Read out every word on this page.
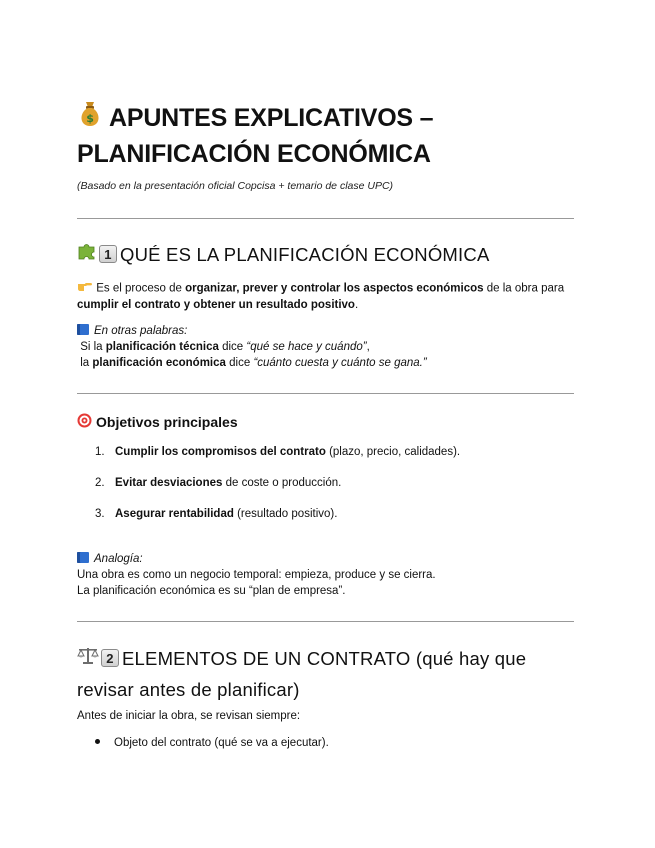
$ APUNTES EXPLICATIVOS –
PLANIFICACIÓN ECONÓMICA
(Basado en la presentación oficial Copcisa + temario de clase UPC)
1 QUÉ ES LA PLANIFICACIÓN ECONÓMICA
Es el proceso de organizar, prever y controlar los aspectos económicos de la obra para
cumplir el contrato y obtener un resultado positivo.
En otras palabras:
Si la planificación técnica dice “qué se hace y cuándo”,
la planificación económica dice “cuánto cuesta y cuánto se gana.”
Objetivos principales
1. Cumplir los compromisos del contrato (plazo, precio, calidades).
2. Evitar desviaciones de coste o producción.
3. Asegurar rentabilidad (resultado positivo).
Analogía:
Una obra es como un negocio temporal: empieza, produce y se cierra.
La planificación económica es su “plan de empresa”.
2 ELEMENTOS DE UN CONTRATO (qué hay que
revisar antes de planificar)
Antes de iniciar la obra, se revisan siempre:
Objeto del contrato (qué se va a ejecutar).
